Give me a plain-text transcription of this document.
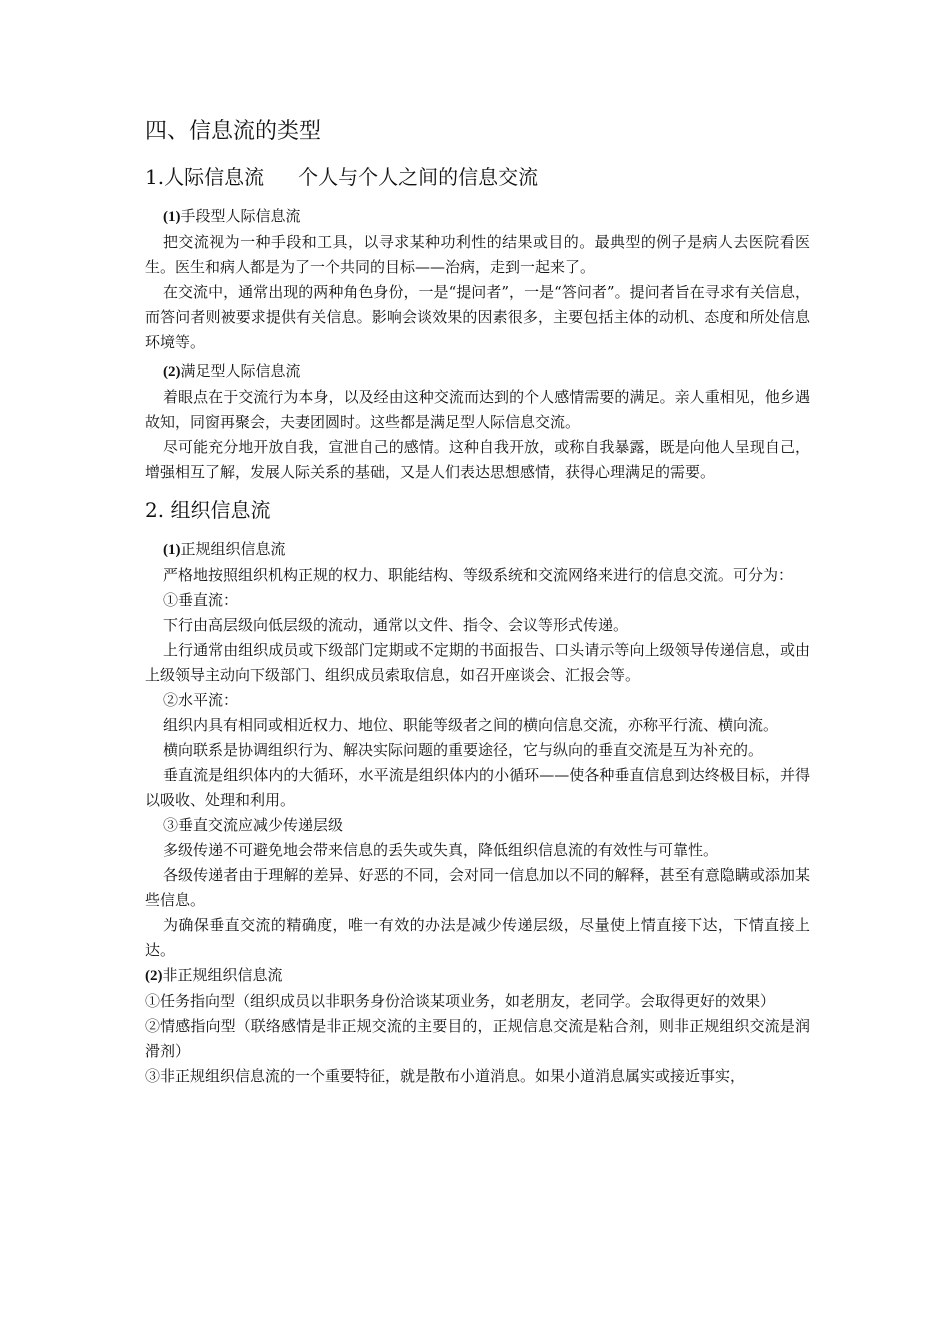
四、信息流的类型
1.人际信息流 个人与个人之间的信息交流
(1)手段型人际信息流

把交流视为一种手段和工具，以寻求某种功利性的结果或目的。最典型的例子是病人去医院看医生。医生和病人都是为了一个共同的目标——治病，走到一起来了。

在交流中，通常出现的两种角色身份，一是“提问者”，一是“答问者”。提问者旨在寻求有关信息，而答问者则被要求提供有关信息。影响会谈效果的因素很多，主要包括主体的动机、态度和所处信息环境等。

(2)满足型人际信息流

着眼点在于交流行为本身，以及经由这种交流而达到的个人感情需要的满足。亲人重相见，他乡遇故知，同窗再聚会，夫妻团圆时。这些都是满足型人际信息交流。

尽可能充分地开放自我，宣泄自己的感情。这种自我开放，或称自我暴露，既是向他人呈现自己，增强相互了解，发展人际关系的基础，又是人们表达思想感情，获得心理满足的需要。

2. 组织信息流
(1)正规组织信息流

严格地按照组织机构正规的权力、职能结构、等级系统和交流网络来进行的信息交流。可分为：

①垂直流：

下行由高层级向低层级的流动，通常以文件、指令、会议等形式传递。

上行通常由组织成员或下级部门定期或不定期的书面报告、口头请示等向上级领导传递信息，或由上级领导主动向下级部门、组织成员索取信息，如召开座谈会、汇报会等。

②水平流：

组织内具有相同或相近权力、地位、职能等级者之间的横向信息交流，亦称平行流、横向流。

横向联系是协调组织行为、解决实际问题的重要途径，它与纵向的垂直交流是互为补充的。

垂直流是组织体内的大循环，水平流是组织体内的小循环——使各种垂直信息到达终极目标，并得以吸收、处理和利用。

③垂直交流应减少传递层级

多级传递不可避免地会带来信息的丢失或失真，降低组织信息流的有效性与可靠性。

各级传递者由于理解的差异、好恶的不同，会对同一信息加以不同的解释，甚至有意隐瞒或添加某些信息。

为确保垂直交流的精确度，唯一有效的办法是减少传递层级，尽量使上情直接下达，下情直接上达。

(2)非正规组织信息流

①任务指向型（组织成员以非职务身份洽谈某项业务，如老朋友，老同学。会取得更好的效果）

②情感指向型（联络感情是非正规交流的主要目的，正规信息交流是粘合剂，则非正规组织交流是润滑剂）

③非正规组织信息流的一个重要特征，就是散布小道消息。如果小道消息属实或接近事实，
